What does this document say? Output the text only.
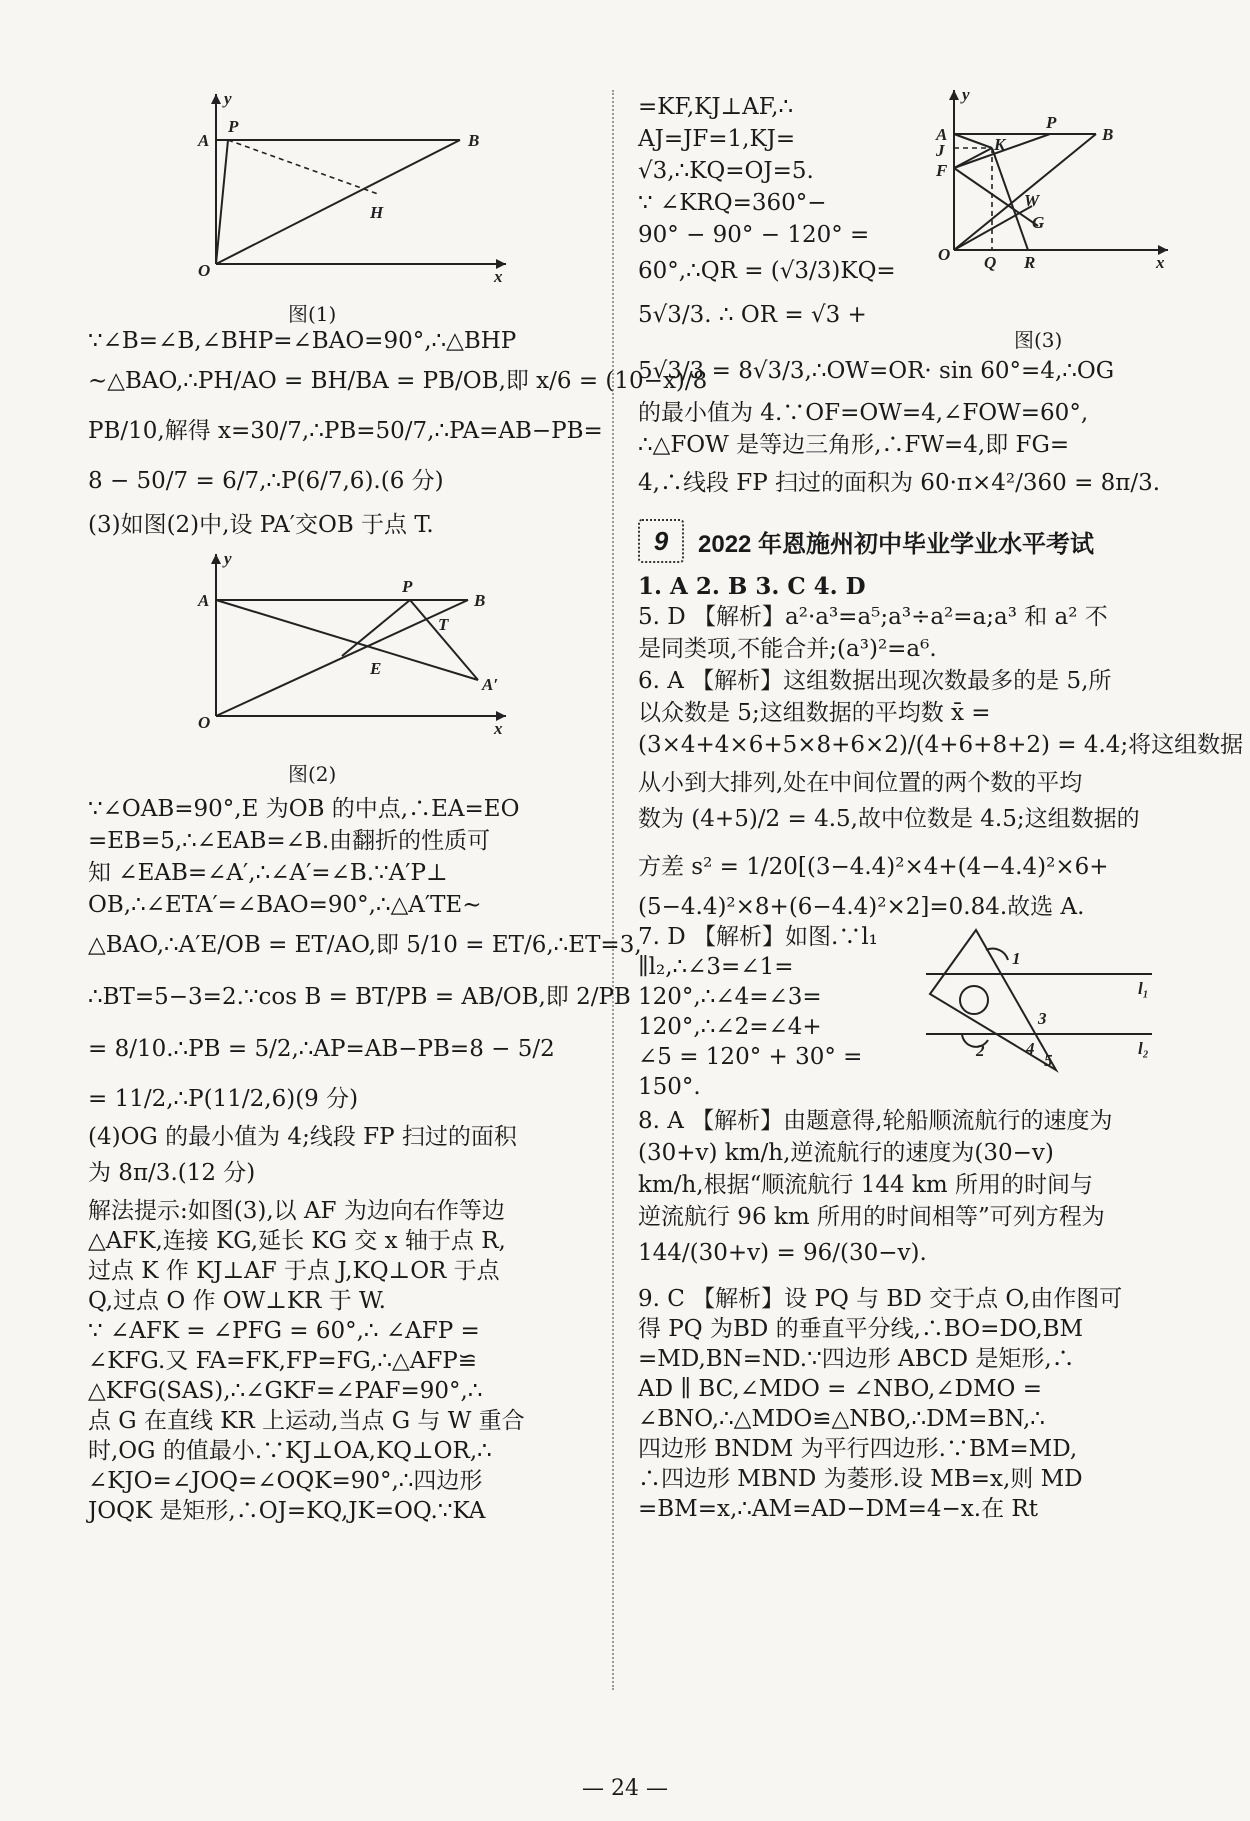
y
A
P
B
H
O	x
图(1)
∵∠B=∠B,∠BHP=∠BAO=90°,∴△BHP
∼△BAO,∴PH/AO = BH/BA = PB/OB,即 x/6 = (10−x)/8
PB/10,解得 x=30/7,∴PB=50/7,∴PA=AB−PB=
8 − 50/7 = 6/7,∴P(6/7,6).(6 分)
(3)如图(2)中,设 PA′交OB 于点 T.
y
A
P
B
T
E
A′
O	x
图(2)
∵∠OAB=90°,E 为OB 的中点,∴EA=EO
=EB=5,∴∠EAB=∠B.由翻折的性质可
知 ∠EAB=∠A′,∴∠A′=∠B.∵A′P⊥
OB,∴∠ETA′=∠BAO=90°,∴△A′TE∼
△BAO,∴A′E/OB = ET/AO,即 5/10 = ET/6,∴ET=3,
∴BT=5−3=2.∵cos B = BT/PB = AB/OB,即 2/PB
= 8/10.∴PB = 5/2,∴AP=AB−PB=8 − 5/2
= 11/2,∴P(11/2,6)(9 分)
(4)OG 的最小值为 4;线段 FP 扫过的面积
为 8π/3.(12 分)
解法提示:如图(3),以 AF 为边向右作等边
△AFK,连接 KG,延长 KG 交 x 轴于点 R,
过点 K 作 KJ⊥AF 于点 J,KQ⊥OR 于点
Q,过点 O 作 OW⊥KR 于 W.
∵ ∠AFK = ∠PFG = 60°,∴ ∠AFP =
∠KFG.又 FA=FK,FP=FG,∴△AFP≌
△KFG(SAS),∴∠GKF=∠PAF=90°,∴
点 G 在直线 KR 上运动,当点 G 与 W 重合
时,OG 的值最小.∵KJ⊥OA,KQ⊥OR,∴
∠KJO=∠JOQ=∠OQK=90°,∴四边形
JOQK 是矩形,∴OJ=KQ,JK=OQ.∵KA
=KF,KJ⊥AF,∴
AJ=JF=1,KJ=
√3,∴KQ=OJ=5.
∵ ∠KRQ=360°−
90° − 90° − 120° =
60°,∴QR = (√3/3)KQ=
5√3/3. ∴ OR = √3 +
y
A
P
B
J	K
F
W
G
O Q R	x
图(3)
5√3/3 = 8√3/3,∴OW=OR· sin 60°=4,∴OG
的最小值为 4.∵OF=OW=4,∠FOW=60°,
∴△FOW 是等边三角形,∴FW=4,即 FG=
4,∴线段 FP 扫过的面积为 60·π×4²/360 = 8π/3.
9	2022 年恩施州初中毕业学业水平考试
1. A 2. B 3. C 4. D
5. D 【解析】a²·a³=a⁵;a³÷a²=a;a³ 和 a² 不
是同类项,不能合并;(a³)²=a⁶.
6. A 【解析】这组数据出现次数最多的是 5,所
以众数是 5;这组数据的平均数 x̄ =
(3×4+4×6+5×8+6×2)/(4+6+8+2) = 4.4;将这组数据
从小到大排列,处在中间位置的两个数的平均
数为 (4+5)/2 = 4.5,故中位数是 4.5;这组数据的
方差 s² = 1/20[(3−4.4)²×4+(4−4.4)²×6+
(5−4.4)²×8+(6−4.4)²×2]=0.84.故选 A.
7. D 【解析】如图.∵l₁
∥l₂,∴∠3=∠1=
120°,∴∠4=∠3=
120°,∴∠2=∠4+
∠5 = 120° + 30° =
150°.
1
2
3
4
5
l₁
l₂
8. A 【解析】由题意得,轮船顺流航行的速度为
(30+v) km/h,逆流航行的速度为(30−v)
km/h,根据“顺流航行 144 km 所用的时间与
逆流航行 96 km 所用的时间相等”可列方程为
144/(30+v) = 96/(30−v).
9. C 【解析】设 PQ 与 BD 交于点 O,由作图可
得 PQ 为BD 的垂直平分线,∴BO=DO,BM
=MD,BN=ND.∵四边形 ABCD 是矩形,∴
AD ∥ BC,∠MDO = ∠NBO,∠DMO =
∠BNO,∴△MDO≌△NBO,∴DM=BN,∴
四边形 BNDM 为平行四边形.∵BM=MD,
∴四边形 MBND 为菱形.设 MB=x,则 MD
=BM=x,∴AM=AD−DM=4−x.在 Rt
— 24 —
